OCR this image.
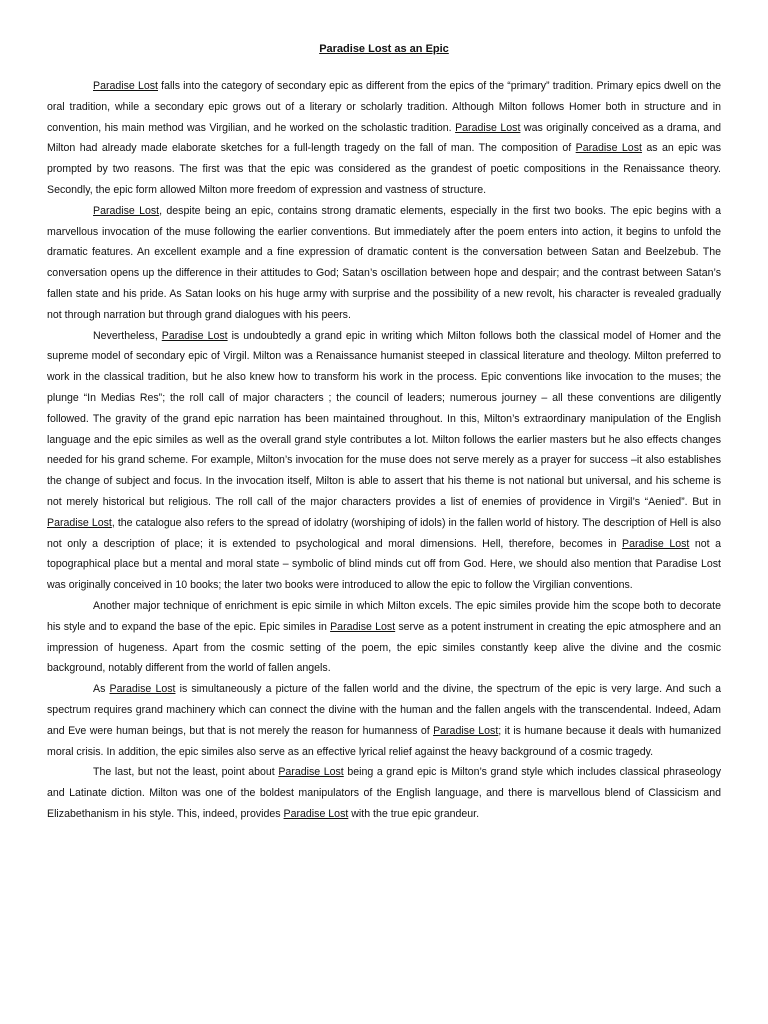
Paradise Lost as an Epic

Paradise Lost falls into the category of secondary epic as different from the epics of the “primary” tradition. Primary epics dwell on the oral tradition, while a secondary epic grows out of a literary or scholarly tradition. Although Milton follows Homer both in structure and in convention, his main method was Virgilian, and he worked on the scholastic tradition. Paradise Lost was originally conceived as a drama, and Milton had already made elaborate sketches for a full-length tragedy on the fall of man. The composition of Paradise Lost as an epic was prompted by two reasons. The first was that the epic was considered as the grandest of poetic compositions in the Renaissance theory. Secondly, the epic form allowed Milton more freedom of expression and vastness of structure.

Paradise Lost, despite being an epic, contains strong dramatic elements, especially in the first two books. The epic begins with a marvellous invocation of the muse following the earlier conventions. But immediately after the poem enters into action, it begins to unfold the dramatic features. An excellent example and a fine expression of dramatic content is the conversation between Satan and Beelzebub. The conversation opens up the difference in their attitudes to God; Satan’s oscillation between hope and despair; and the contrast between Satan’s fallen state and his pride. As Satan looks on his huge army with surprise and the possibility of a new revolt, his character is revealed gradually not through narration but through grand dialogues with his peers.

Nevertheless, Paradise Lost is undoubtedly a grand epic in writing which Milton follows both the classical model of Homer and the supreme model of secondary epic of Virgil. Milton was a Renaissance humanist steeped in classical literature and theology. Milton preferred to work in the classical tradition, but he also knew how to transform his work in the process. Epic conventions like invocation to the muses; the plunge “In Medias Res”; the roll call of major characters ; the council of leaders; numerous journey – all these conventions are diligently followed. The gravity of the grand epic narration has been maintained throughout. In this, Milton’s extraordinary manipulation of the English language and the epic similes as well as the overall grand style contributes a lot. Milton follows the earlier masters but he also effects changes needed for his grand scheme. For example, Milton’s invocation for the muse does not serve merely as a prayer for success –it also establishes the change of subject and focus. In the invocation itself, Milton is able to assert that his theme is not national but universal, and his scheme is not merely historical but religious. The roll call of the major characters provides a list of enemies of providence in Virgil’s “Aenied”. But in Paradise Lost, the catalogue also refers to the spread of idolatry (worshiping of idols) in the fallen world of history. The description of Hell is also not only a description of place; it is extended to psychological and moral dimensions. Hell, therefore, becomes in Paradise Lost not a topographical place but a mental and moral state – symbolic of blind minds cut off from God. Here, we should also mention that Paradise Lost was originally conceived in 10 books; the later two books were introduced to allow the epic to follow the Virgilian conventions.

Another major technique of enrichment is epic simile in which Milton excels. The epic similes provide him the scope both to decorate his style and to expand the base of the epic. Epic similes in Paradise Lost serve as a potent instrument in creating the epic atmosphere and an impression of hugeness. Apart from the cosmic setting of the poem, the epic similes constantly keep alive the divine and the cosmic background, notably different from the world of fallen angels.

As Paradise Lost is simultaneously a picture of the fallen world and the divine, the spectrum of the epic is very large. And such a spectrum requires grand machinery which can connect the divine with the human and the fallen angels with the transcendental. Indeed, Adam and Eve were human beings, but that is not merely the reason for humanness of Paradise Lost; it is humane because it deals with humanized moral crisis. In addition, the epic similes also serve as an effective lyrical relief against the heavy background of a cosmic tragedy.

The last, but not the least, point about Paradise Lost being a grand epic is Milton’s grand style which includes classical phraseology and Latinate diction. Milton was one of the boldest manipulators of the English language, and there is marvellous blend of Classicism and Elizabethanism in his style. This, indeed, provides Paradise Lost with the true epic grandeur.
